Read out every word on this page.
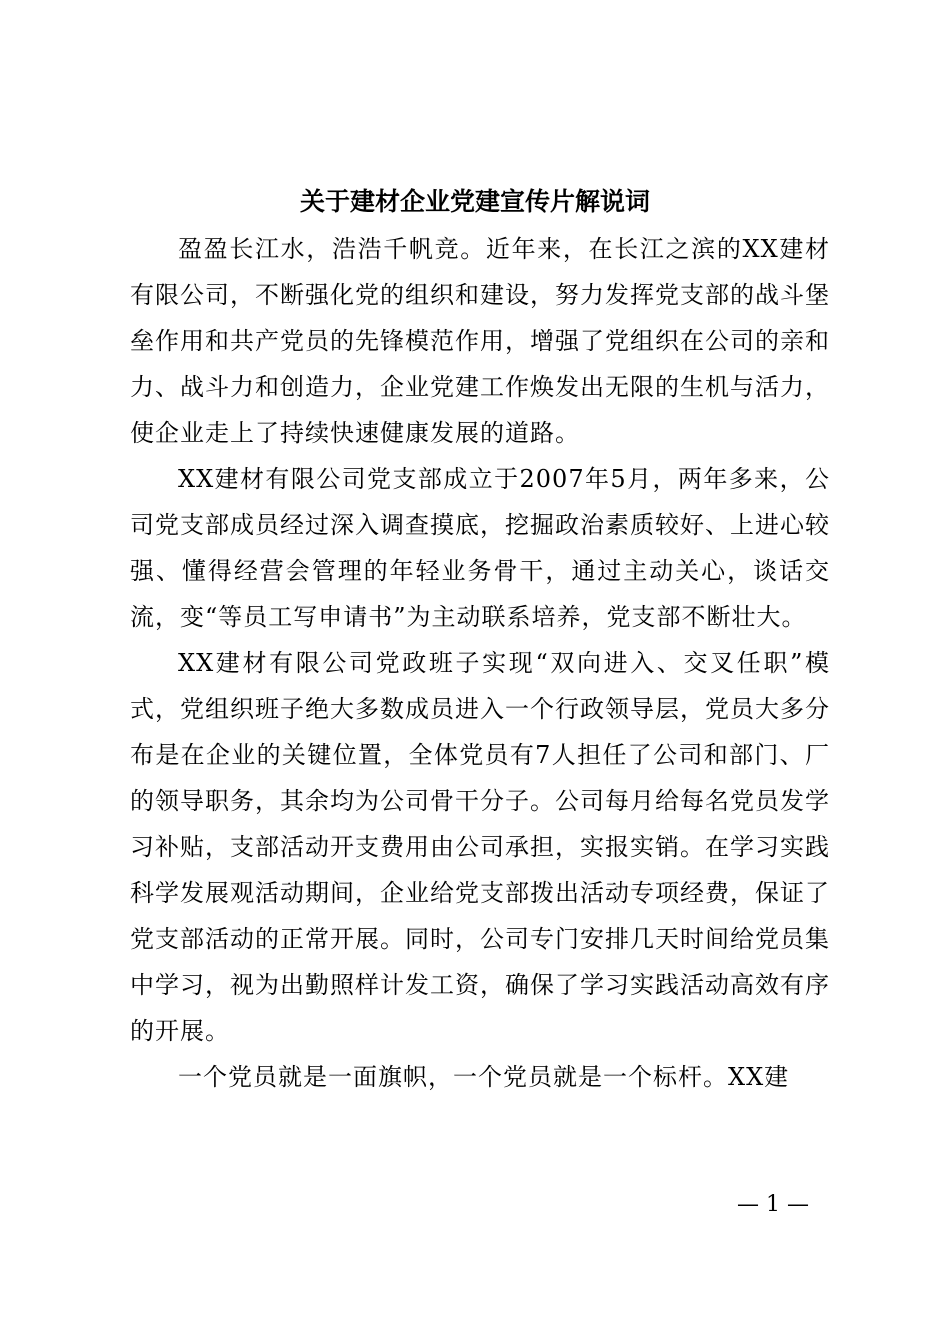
关于建材企业党建宣传片解说词

盈盈长江水，浩浩千帆竞。近年来，在长江之滨的XX建材有限公司，不断强化党的组织和建设，努力发挥党支部的战斗堡垒作用和共产党员的先锋模范作用，增强了党组织在公司的亲和力、战斗力和创造力，企业党建工作焕发出无限的生机与活力，使企业走上了持续快速健康发展的道路。

XX建材有限公司党支部成立于2007年5月，两年多来，公司党支部成员经过深入调查摸底，挖掘政治素质较好、上进心较强、懂得经营会管理的年轻业务骨干，通过主动关心，谈话交流，变“等员工写申请书”为主动联系培养，党支部不断壮大。

XX建材有限公司党政班子实现“双向进入、交叉任职”模式，党组织班子绝大多数成员进入一个行政领导层，党员大多分布是在企业的关键位置，全体党员有7人担任了公司和部门、厂的领导职务，其余均为公司骨干分子。公司每月给每名党员发学习补贴，支部活动开支费用由公司承担，实报实销。在学习实践科学发展观活动期间，企业给党支部拨出活动专项经费，保证了党支部活动的正常开展。同时，公司专门安排几天时间给党员集中学习，视为出勤照样计发工资，确保了学习实践活动高效有序的开展。

一个党员就是一面旗帜，一个党员就是一个标杆。XX建

— 1 —
